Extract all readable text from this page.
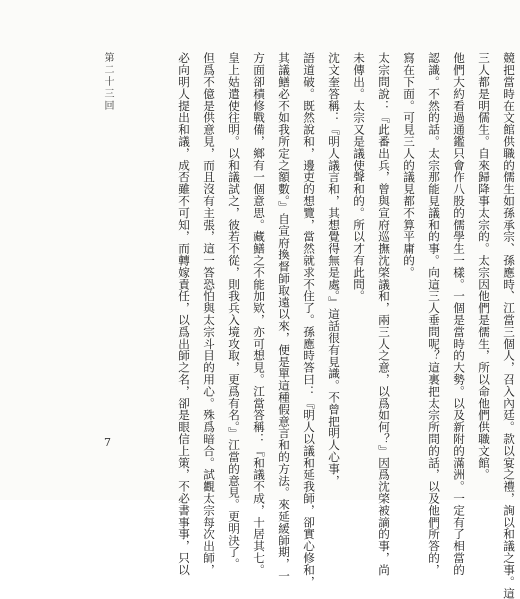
第二十三回	競把當時在文館供職的儒生如孫承宗、孫應時、江當三個人，召入內廷。款以宴之禮，詢以和議之事。這
三人都是明儒生。自來歸降事太宗的。太宗因他們是儒生，所以命他們供職文館。
他們大約看過通鑑只會作八股的儒學生一樣。一個是當時的大勢。以及新附的滿洲。一定有了相當的
認識。不然的話。太宗那能見議和的事。向這三人垂問呢？這裏把太宗所問的話，以及他們所答的，
寫在下面。可見三人的議見都不算平庸的。
太宗問說：『此番出兵，曾與宣府巡撫沈棨議和，兩三人之意，以爲如何？』因爲沈棨被謫的事，尚
未傳出。太宗又是議使聲和的。所以才有此問。
沈文奎答稱：『明人議言和，其想覺得無是處。』這話很有見識。不曾把明人心事，
語道破。既然說和，邊吏的想覽，當然就求不住了。孫應時答曰：『明人以議和延我師，卻實心修和，
其議鱔必不如我所定之額數。』自宣府換督師取遠以來，便是單這種假意言和的方法。來延緩師期，一
方面卻積修戰備，鄉有一個意思。藏鱔之不能加欵，亦可想見。江當答稱：『和議不成，十居其七。
皇上姑遣使往明。以和議試之，彼若不從，則我兵入境攻取，更爲有名。』江當的意見。更明決了。
但爲不億是供意見，而且沒有主張，這一答恐怕與太宗斗目的用心。殊爲暗合。試觀太宗每次出師，
必向明人提出和議，成否雖不可知，而轉嫁責任，以爲出師之名，卻是眼信上策，不必書事事，只以
7
